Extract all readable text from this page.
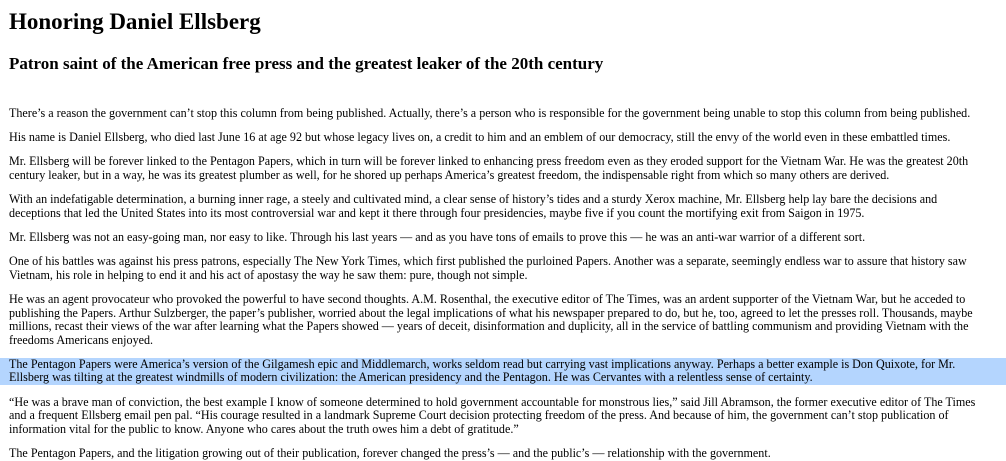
Honoring Daniel Ellsberg
Patron saint of the American free press and the greatest leaker of the 20th century

There’s a reason the government can’t stop this column from being published. Actually, there’s a person who is responsible for the government being unable to stop this column from being published.

His name is Daniel Ellsberg, who died last June 16 at age 92 but whose legacy lives on, a credit to him and an emblem of our democracy, still the envy of the world even in these embattled times.

Mr. Ellsberg will be forever linked to the Pentagon Papers, which in turn will be forever linked to enhancing press freedom even as they eroded support for the Vietnam War. He was the greatest 20th century leaker, but in a way, he was its greatest plumber as well, for he shored up perhaps America’s greatest freedom, the indispensable right from which so many others are derived.

With an indefatigable determination, a burning inner rage, a steely and cultivated mind, a clear sense of history’s tides and a sturdy Xerox machine, Mr. Ellsberg help lay bare the decisions and deceptions that led the United States into its most controversial war and kept it there through four presidencies, maybe five if you count the mortifying exit from Saigon in 1975.

Mr. Ellsberg was not an easy-going man, nor easy to like. Through his last years — and as you have tons of emails to prove this — he was an anti-war warrior of a different sort.

One of his battles was against his press patrons, especially The New York Times, which first published the purloined Papers. Another was a separate, seemingly endless war to assure that history saw Vietnam, his role in helping to end it and his act of apostasy the way he saw them: pure, though not simple.

He was an agent provocateur who provoked the powerful to have second thoughts. A.M. Rosenthal, the executive editor of The Times, was an ardent supporter of the Vietnam War, but he acceded to publishing the Papers. Arthur Sulzberger, the paper’s publisher, worried about the legal implications of what his newspaper prepared to do, but he, too, agreed to let the presses roll. Thousands, maybe millions, recast their views of the war after learning what the Papers showed — years of deceit, disinformation and duplicity, all in the service of battling communism and providing Vietnam with the freedoms Americans enjoyed.

The Pentagon Papers were America’s version of the Gilgamesh epic and Middlemarch, works seldom read but carrying vast implications anyway. Perhaps a better example is Don Quixote, for Mr. Ellsberg was tilting at the greatest windmills of modern civilization: the American presidency and the Pentagon. He was Cervantes with a relentless sense of certainty.

“He was a brave man of conviction, the best example I know of someone determined to hold government accountable for monstrous lies,” said Jill Abramson, the former executive editor of The Times and a frequent Ellsberg email pen pal. “His courage resulted in a landmark Supreme Court decision protecting freedom of the press. And because of him, the government can’t stop publication of information vital for the public to know. Anyone who cares about the truth owes him a debt of gratitude.”

The Pentagon Papers, and the litigation growing out of their publication, forever changed the press’s — and the public’s — relationship with the government.
